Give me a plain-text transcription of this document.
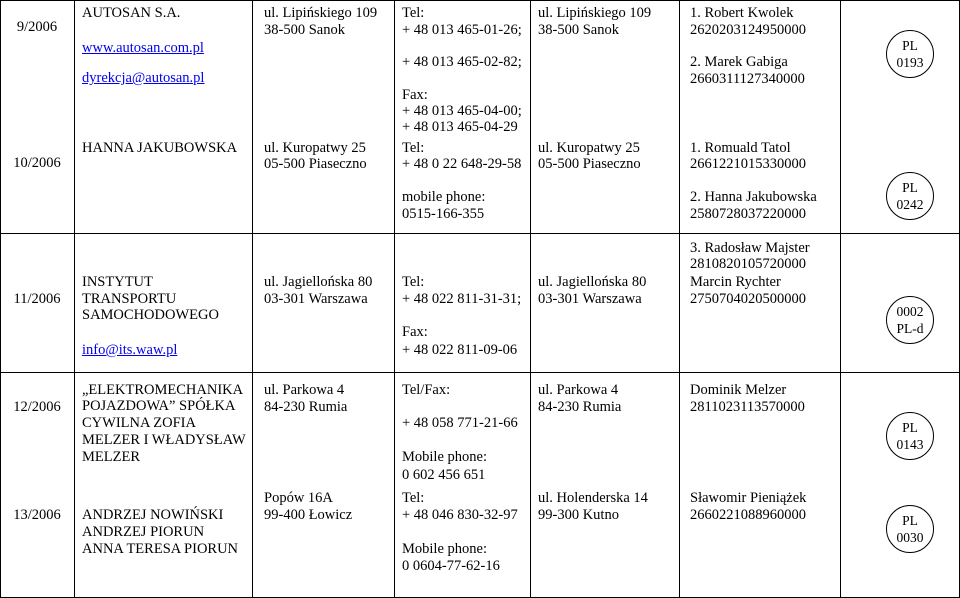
9/2006
AUTOSAN S.A.
www.autosan.com.pl
dyrekcja@autosan.pl
ul. Lipińskiego 109
38-500 Sanok
Tel:
+ 48 013 465-01-26;
+ 48 013 465-02-82;
Fax:
+ 48 013 465-04-00;
+ 48 013 465-04-29
ul. Lipińskiego 109
38-500 Sanok
1. Robert Kwolek
2620203124950000
2. Marek Gabiga
2660311127340000
PL
0193
10/2006
HANNA JAKUBOWSKA ul. Kuropatwy 25
05-500 Piaseczno
Tel:
+ 48 0 22 648-29-58
mobile phone:
0515-166-355
ul. Kuropatwy 25
05-500 Piaseczno
1. Romuald Tatol
2661221015330000
2. Hanna Jakubowska
2580728037220000
3. Radosław Majster
2810820105720000
PL
0242
11/2006
INSTYTUT
TRANSPORTU
SAMOCHODOWEGO
info@its.waw.pl
ul. Jagiellońska 80
03-301 Warszawa
Tel:
+ 48 022 811-31-31;
Fax:
+ 48 022 811-09-06
ul. Jagiellońska 80
03-301 Warszawa
Marcin Rychter
2750704020500000
0002
PL-d
12/2006
„ELEKTROMECHANIKA
POJAZDOWA” SPÓŁKA
CYWILNA ZOFIA
MELZER I WŁADYSŁAW
MELZER
ul. Parkowa 4
84-230 Rumia
Tel/Fax:
+ 48 058 771-21-66
Mobile phone:
0 602 456 651
ul. Parkowa 4
84-230 Rumia
Dominik Melzer
2811023113570000
PL
0143
13/2006	ANDRZEJ NOWIŃSKI
ANDRZEJ PIORUN
ANNA TERESA PIORUN
Popów 16A
99-400 Łowicz
Tel:
+ 48 046 830-32-97
Mobile phone:
0 0604-77-62-16
ul. Holenderska 14
99-300 Kutno
Sławomir Pieniążek
2660221088960000	PL
0030
